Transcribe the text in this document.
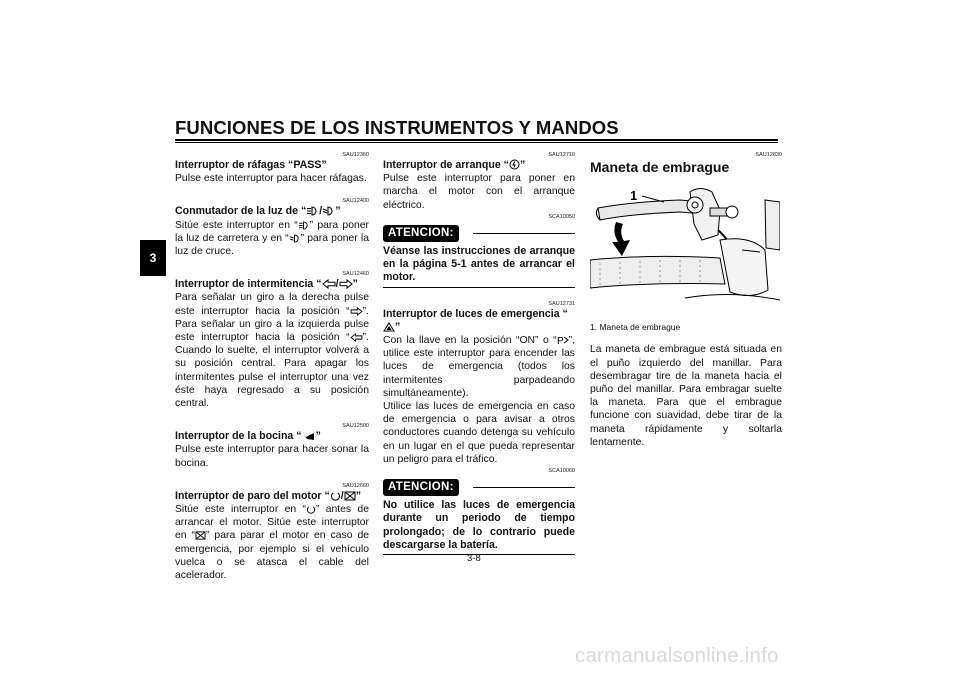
FUNCIONES DE LOS INSTRUMENTOS Y MANDOS
3
SAU12360
Interruptor de ráfagas “PASS”

Pulse este interruptor para hacer ráfagas.

SAU12400
Conmutador de la luz de “ / ”

Sitúe este interruptor en “ ” para poner la luz de carretera y en “ ” para poner la luz de cruce.

SAU12460
Interruptor de intermitencia “ / ”

Para señalar un giro a la derecha pulse este interruptor hacia la posición “ ”. Para señalar un giro a la izquierda pulse este interruptor hacia la posición “ ”. Cuando lo suelte, el interruptor volverá a su posición central. Para apagar los intermitentes pulse el interruptor una vez éste haya regresado a su posición central.

SAU12500
Interruptor de la bocina “ ”

Pulse este interruptor para hacer sonar la bocina.

SAU12660
Interruptor de paro del motor “ / ”

Sitúe este interruptor en “ ” antes de arrancar el motor. Sitúe este interruptor en “ ” para parar el motor en caso de emergencia, por ejemplo si el vehículo vuelca o se atasca el cable del acelerador.

SAU12710
Interruptor de arranque “ ”

Pulse este interruptor para poner en marcha el motor con el arranque eléctrico.

SCA10050
ATENCION:
Véanse las instrucciones de arranque en la página 5-1 antes de arrancar el motor.
SAU12731
Interruptor de luces de emergencia “”

Con la llave en la posición “ON” o “ P ”, utilice este interruptor para encender las luces de emergencia (todos los intermitentes parpadeando simultáneamente).

Utilice las luces de emergencia en caso de emergencia o para avisar a otros conductores cuando detenga su vehículo en un lugar en el que pueda representar un peligro para el tráfico.

SCA10060
ATENCION:
No utilice las luces de emergencia durante un periodo de tiempo prolongado; de lo contrario puede descargarse la batería.
SAU12830
Maneta de embrague
1
1. Maneta de embrague

La maneta de embrague está situada en el puño izquierdo del manillar. Para desembragar tire de la maneta hacia el puño del manillar. Para embragar suelte la maneta. Para que el embrague funcione con suavidad, debe tirar de la maneta rápidamente y soltarla lentamente.

3-8
carmanualsonline.info
